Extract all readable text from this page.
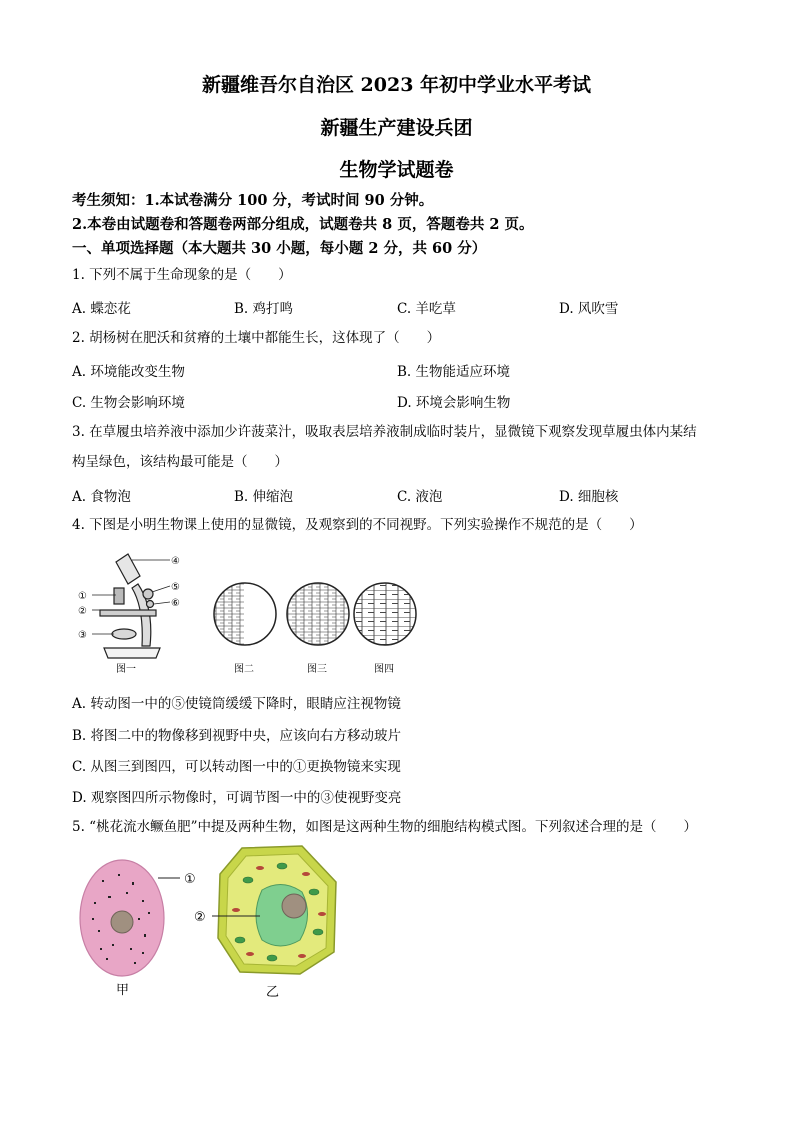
新疆维吾尔自治区 2023 年初中学业水平考试
新疆生产建设兵团
生物学试题卷
考生须知：1.本试卷满分 100 分，考试时间 90 分钟。
2.本卷由试题卷和答题卷两部分组成，试题卷共 8 页，答题卷共 2 页。
一、单项选择题（本大题共 30 小题，每小题 2 分，共 60 分）
1. 下列不属于生命现象的是（　　）
A. 蝶恋花	B. 鸡打鸣	C. 羊吃草	D. 风吹雪
2. 胡杨树在肥沃和贫瘠的土壤中都能生长，这体现了（　　）
A. 环境能改变生物	B. 生物能适应环境
C. 生物会影响环境	D. 环境会影响生物
3. 在草履虫培养液中添加少许菠菜汁，吸取表层培养液制成临时装片，显微镜下观察发现草履虫体内某结
构呈绿色，该结构最可能是（　　）
A. 食物泡	B. 伸缩泡	C. 液泡	D. 细胞核
4. 下图是小明生物课上使用的显微镜，及观察到的不同视野。下列实验操作不规范的是（　　）
①
②
③
④
⑤
⑥
图一	图二	图三	图四
A. 转动图一中的⑤使镜筒缓缓下降时，眼睛应注视物镜
B. 将图二中的物像移到视野中央，应该向右方移动玻片
C. 从图三到图四，可以转动图一中的①更换物镜来实现
D. 观察图四所示物像时，可调节图一中的③使视野变亮
5. “桃花流水鳜鱼肥”中提及两种生物，如图是这两种生物的细胞结构模式图。下列叙述合理的是（　　）
①
甲
②
乙
